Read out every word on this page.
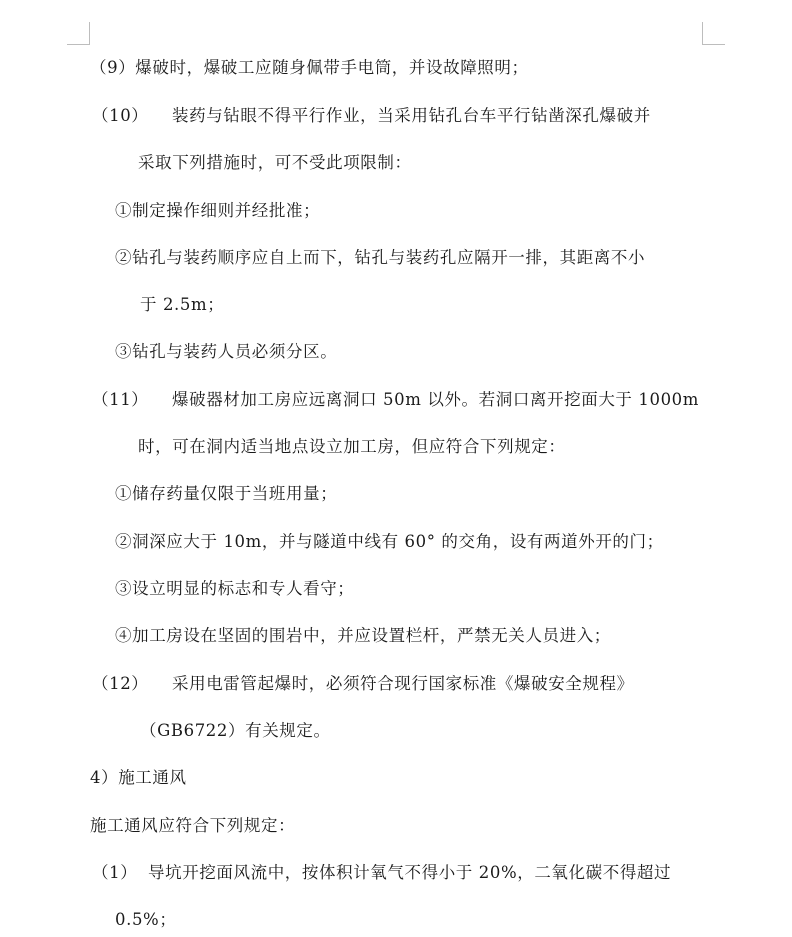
（9）爆破时，爆破工应随身佩带手电筒，并设故障照明；
（10） 装药与钻眼不得平行作业，当采用钻孔台车平行钻凿深孔爆破并
采取下列措施时，可不受此项限制：
①制定操作细则并经批准；
②钻孔与装药顺序应自上而下，钻孔与装药孔应隔开一排，其距离不小
于 2.5m；
③钻孔与装药人员必须分区。
（11） 爆破器材加工房应远离洞口 50m 以外。若洞口离开挖面大于 1000m
时，可在洞内适当地点设立加工房，但应符合下列规定：
①储存药量仅限于当班用量；
②洞深应大于 10m，并与隧道中线有 60° 的交角，设有两道外开的门；
③设立明显的标志和专人看守；
④加工房设在坚固的围岩中，并应设置栏杆，严禁无关人员进入；
（12） 采用电雷管起爆时，必须符合现行国家标准《爆破安全规程》
（GB6722）有关规定。
4）施工通风
施工通风应符合下列规定：
（1） 导坑开挖面风流中，按体积计氧气不得小于 20%，二氧化碳不得超过
0.5%；
